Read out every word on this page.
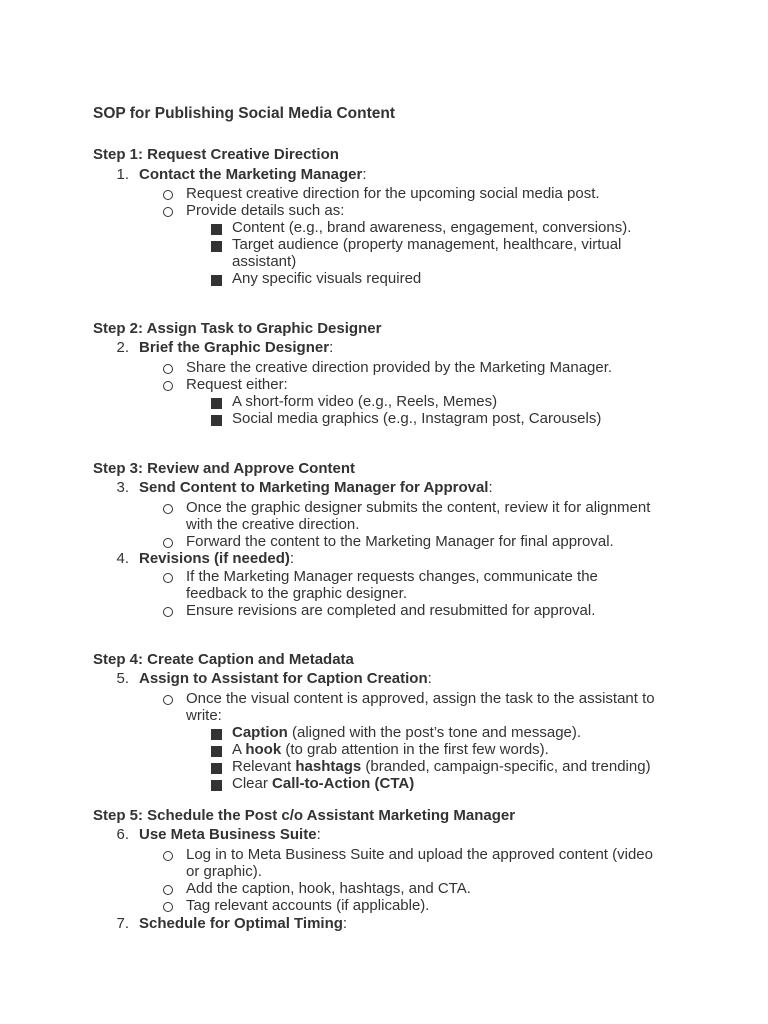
SOP for Publishing Social Media Content
Step 1: Request Creative Direction
1. Contact the Marketing Manager:
Request creative direction for the upcoming social media post.
Provide details such as:
Content (e.g., brand awareness, engagement, conversions).
Target audience (property management, healthcare, virtual
assistant)
Any specific visuals required
Step 2: Assign Task to Graphic Designer
2. Brief the Graphic Designer:
Share the creative direction provided by the Marketing Manager.
Request either:
A short-form video (e.g., Reels, Memes)
Social media graphics (e.g., Instagram post, Carousels)
Step 3: Review and Approve Content
3. Send Content to Marketing Manager for Approval:
Once the graphic designer submits the content, review it for alignment
with the creative direction.
Forward the content to the Marketing Manager for final approval.
4. Revisions (if needed):
If the Marketing Manager requests changes, communicate the
feedback to the graphic designer.
Ensure revisions are completed and resubmitted for approval.
Step 4: Create Caption and Metadata
5. Assign to Assistant for Caption Creation:
Once the visual content is approved, assign the task to the assistant to
write:
Caption (aligned with the post’s tone and message).
A hook (to grab attention in the first few words).
Relevant hashtags (branded, campaign-specific, and trending)
Clear Call-to-Action (CTA)
Step 5: Schedule the Post c/o Assistant Marketing Manager
6. Use Meta Business Suite:
Log in to Meta Business Suite and upload the approved content (video
or graphic).
Add the caption, hook, hashtags, and CTA.
Tag relevant accounts (if applicable).
7. Schedule for Optimal Timing:
